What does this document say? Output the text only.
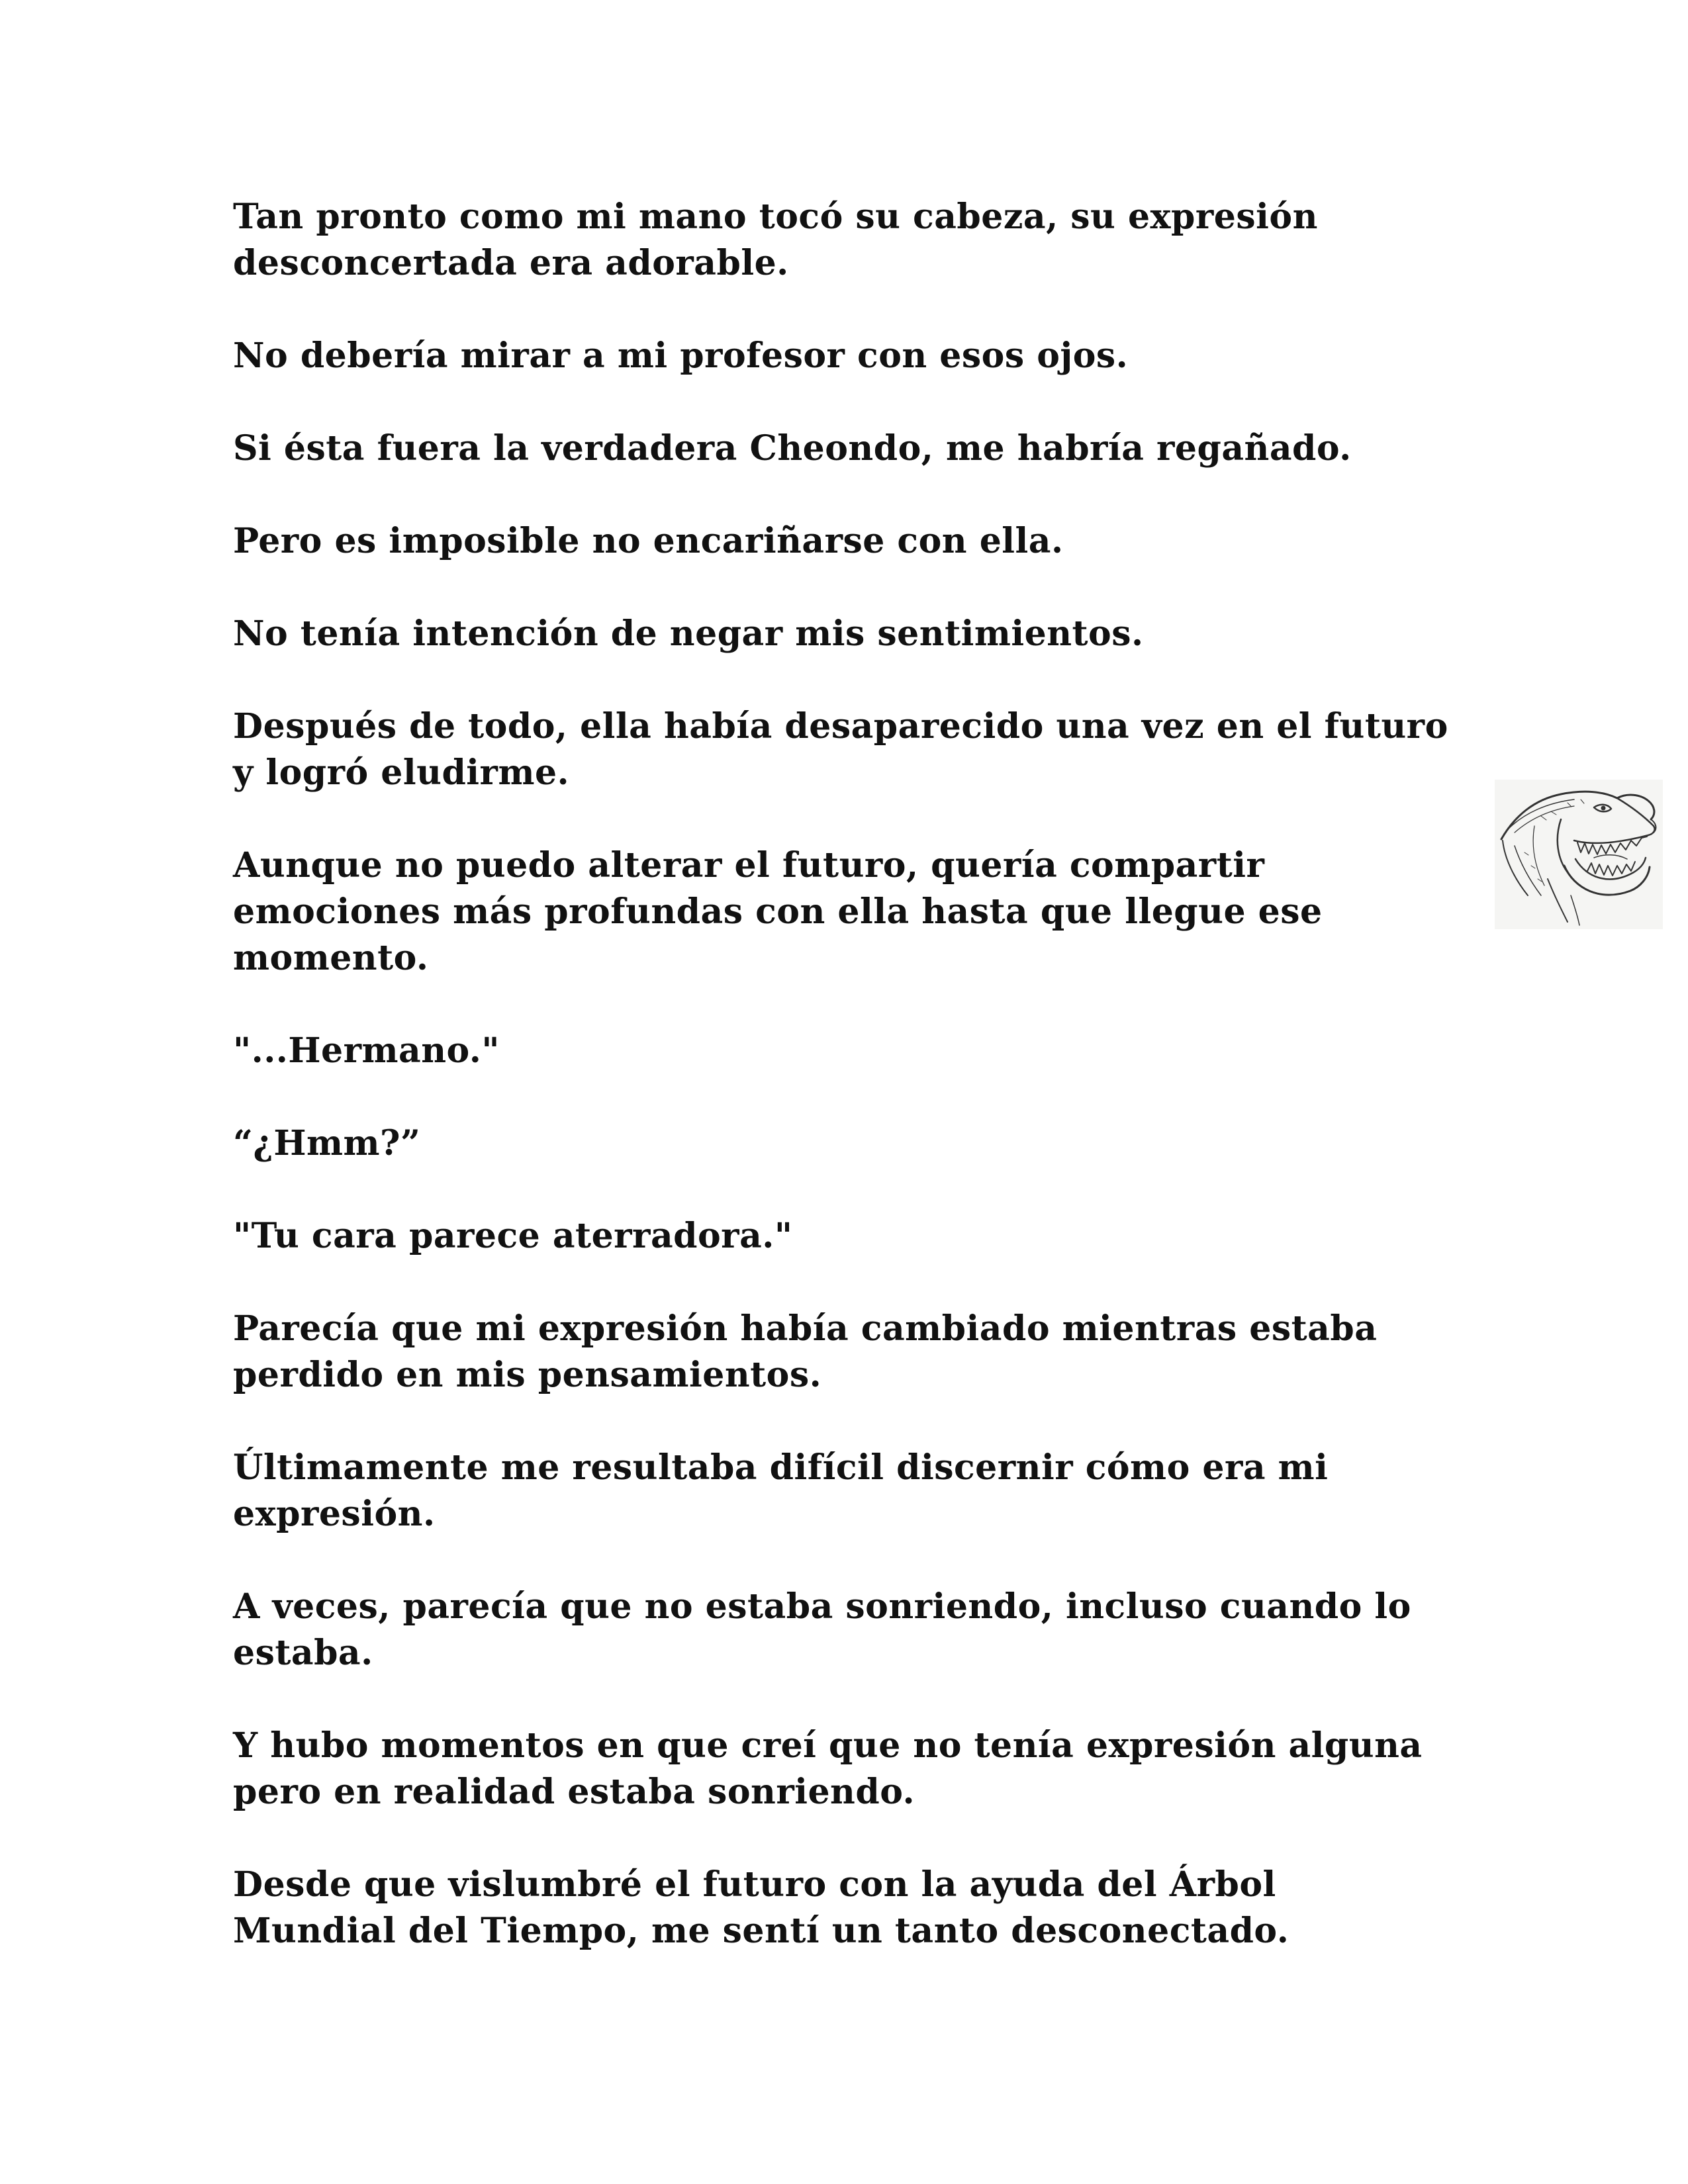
Tan pronto como mi mano tocó su cabeza, su expresión
desconcertada era adorable.

No debería mirar a mi profesor con esos ojos.

Si ésta fuera la verdadera Cheondo, me habría regañado.

Pero es imposible no encariñarse con ella.

No tenía intención de negar mis sentimientos.

Después de todo, ella había desaparecido una vez en el futuro
y logró eludirme.

Aunque no puedo alterar el futuro, quería compartir
emociones más profundas con ella hasta que llegue ese
momento.

"...Hermano."

“¿Hmm?”

"Tu cara parece aterradora."

Parecía que mi expresión había cambiado mientras estaba
perdido en mis pensamientos.

Últimamente me resultaba difícil discernir cómo era mi
expresión.

A veces, parecía que no estaba sonriendo, incluso cuando lo
estaba.

Y hubo momentos en que creí que no tenía expresión alguna
pero en realidad estaba sonriendo.

Desde que vislumbré el futuro con la ayuda del Árbol
Mundial del Tiempo, me sentí un tanto desconectado.
